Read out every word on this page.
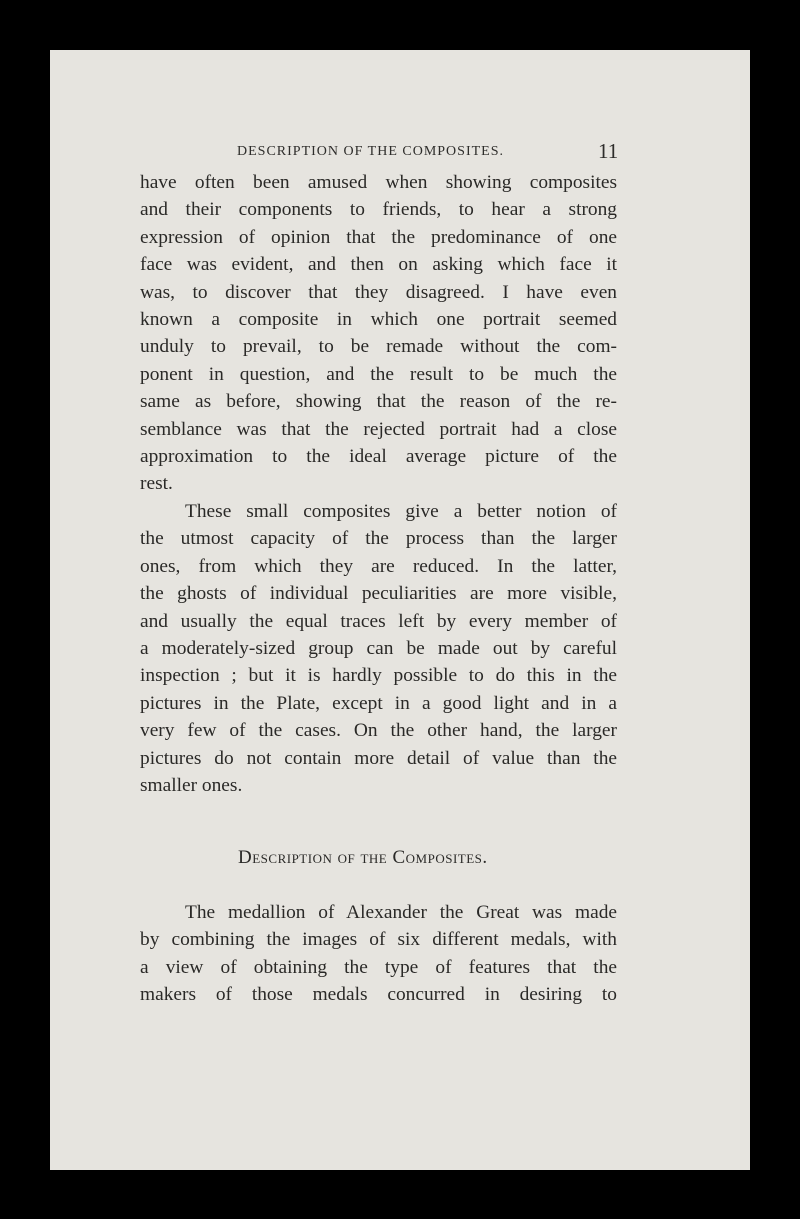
DESCRIPTION OF THE COMPOSITES.	11
have often been amused when showing composites
and their components to friends, to hear a strong
expression of opinion that the predominance of one
face was evident, and then on asking which face it
was, to discover that they disagreed. I have even
known a composite in which one portrait seemed
unduly to prevail, to be remade without the com-
ponent in question, and the result to be much the
same as before, showing that the reason of the re-
semblance was that the rejected portrait had a close
approximation to the ideal average picture of the
rest.
These small composites give a better notion of
the utmost capacity of the process than the larger
ones, from which they are reduced. In the latter,
the ghosts of individual peculiarities are more visible,
and usually the equal traces left by every member of
a moderately-sized group can be made out by careful
inspection ; but it is hardly possible to do this in the
pictures in the Plate, except in a good light and in a
very few of the cases. On the other hand, the larger
pictures do not contain more detail of value than the
smaller ones.
Description of the Composites.
The medallion of Alexander the Great was made
by combining the images of six different medals, with
a view of obtaining the type of features that the
makers of those medals concurred in desiring to
